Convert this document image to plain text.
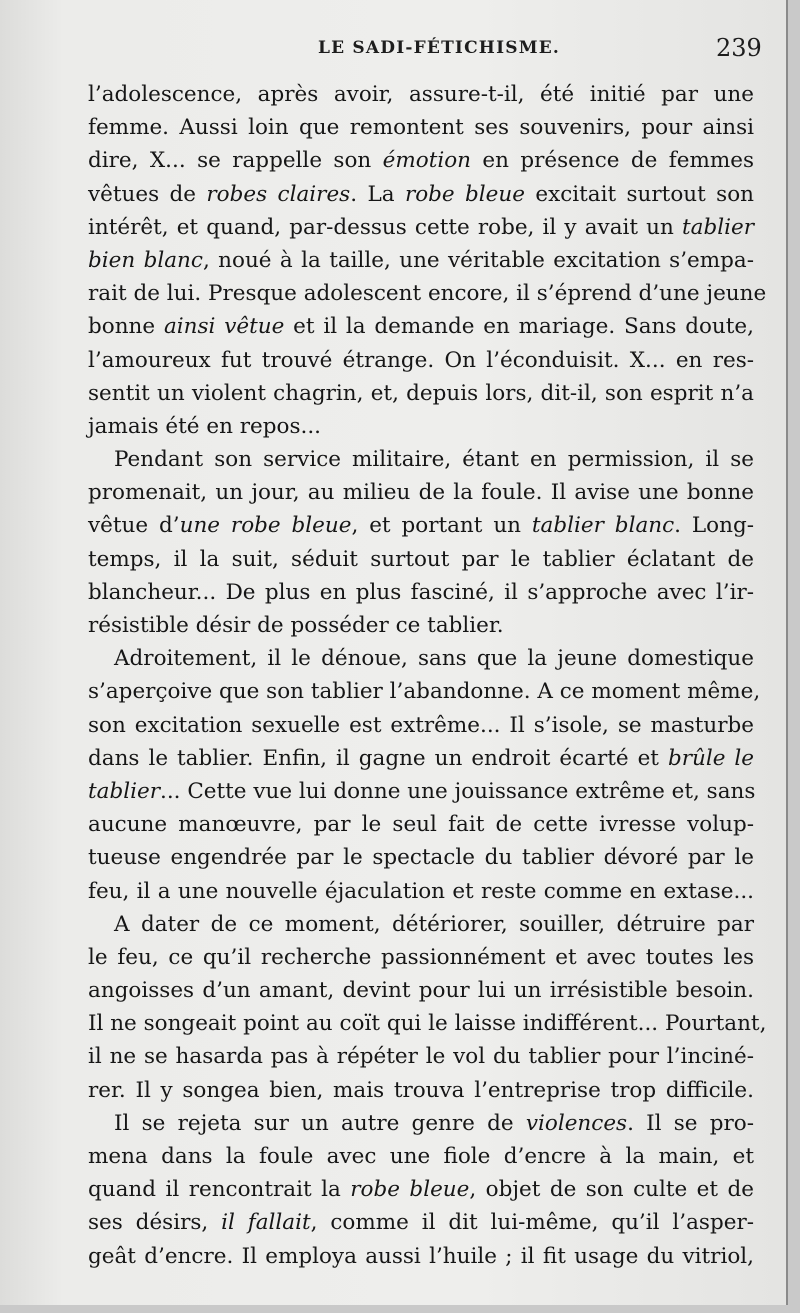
LE SADI-FÉTICHISME.	239
l’adolescence, après avoir, assure-t-il, été initié par une
femme. Aussi loin que remontent ses souvenirs, pour ainsi
dire, X... se rappelle son émotion en présence de femmes
vêtues de robes claires. La robe bleue excitait surtout son
intérêt, et quand, par-dessus cette robe, il y avait un tablier
bien blanc, noué à la taille, une véritable excitation s’empa-
rait de lui. Presque adolescent encore, il s’éprend d’une jeune
bonne ainsi vêtue et il la demande en mariage. Sans doute,
l’amoureux fut trouvé étrange. On l’éconduisit. X... en res-
sentit un violent chagrin, et, depuis lors, dit-il, son esprit n’a
jamais été en repos...
Pendant son service militaire, étant en permission, il se
promenait, un jour, au milieu de la foule. Il avise une bonne
vêtue d’une robe bleue, et portant un tablier blanc. Long-
temps, il la suit, séduit surtout par le tablier éclatant de
blancheur... De plus en plus fasciné, il s’approche avec l’ir-
résistible désir de posséder ce tablier.
Adroitement, il le dénoue, sans que la jeune domestique
s’aperçoive que son tablier l’abandonne. A ce moment même,
son excitation sexuelle est extrême... Il s’isole, se masturbe
dans le tablier. Enfin, il gagne un endroit écarté et brûle le
tablier... Cette vue lui donne une jouissance extrême et, sans
aucune manœuvre, par le seul fait de cette ivresse volup-
tueuse engendrée par le spectacle du tablier dévoré par le
feu, il a une nouvelle éjaculation et reste comme en extase...
A dater de ce moment, détériorer, souiller, détruire par
le feu, ce qu’il recherche passionnément et avec toutes les
angoisses d’un amant, devint pour lui un irrésistible besoin.
Il ne songeait point au coït qui le laisse indifférent... Pourtant,
il ne se hasarda pas à répéter le vol du tablier pour l’inciné-
rer. Il y songea bien, mais trouva l’entreprise trop difficile.
Il se rejeta sur un autre genre de violences. Il se pro-
mena dans la foule avec une fiole d’encre à la main, et
quand il rencontrait la robe bleue, objet de son culte et de
ses désirs, il fallait, comme il dit lui-même, qu’il l’asper-
geât d’encre. Il employa aussi l’huile ; il fit usage du vitriol,
